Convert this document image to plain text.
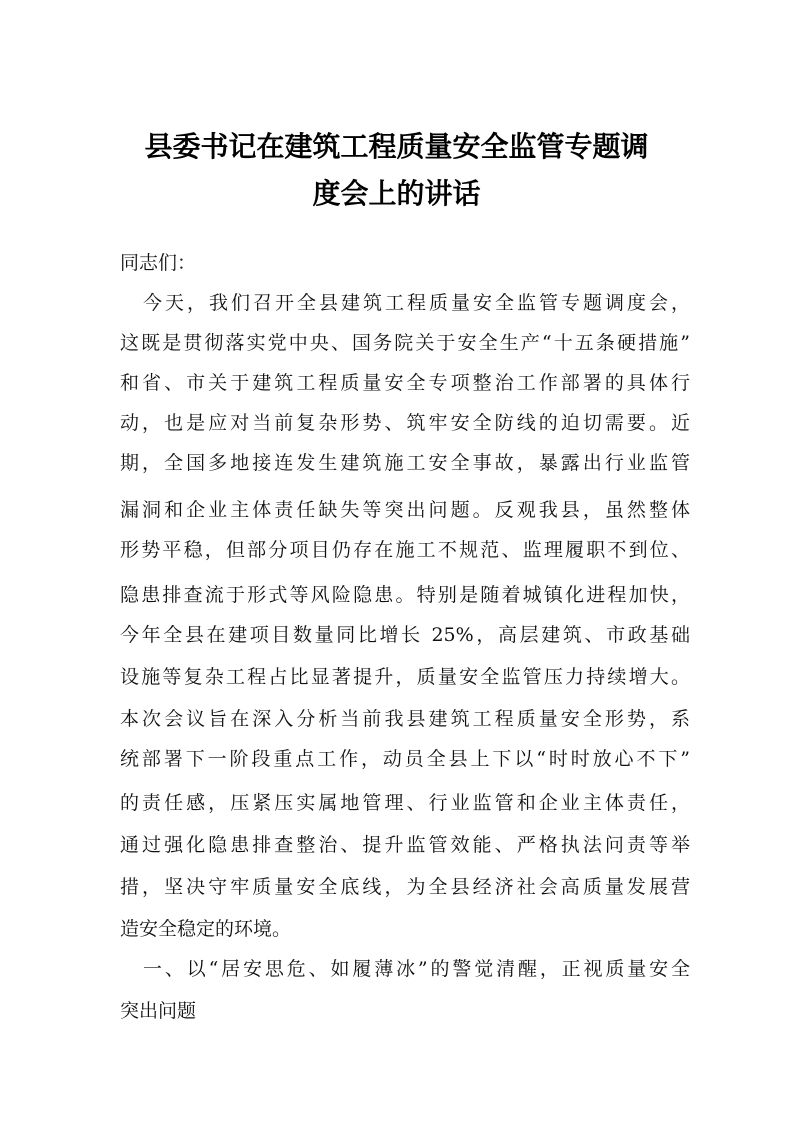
县委书记在建筑工程质量安全监管专题调
度会上的讲话
同志们：
今天，我们召开全县建筑工程质量安全监管专题调度会，
这既是贯彻落实党中央、国务院关于安全生产“十五条硬措施”
和省、市关于建筑工程质量安全专项整治工作部署的具体行
动，也是应对当前复杂形势、筑牢安全防线的迫切需要。近
期，全国多地接连发生建筑施工安全事故，暴露出行业监管
漏洞和企业主体责任缺失等突出问题。反观我县，虽然整体
形势平稳，但部分项目仍存在施工不规范、监理履职不到位、
隐患排查流于形式等风险隐患。特别是随着城镇化进程加快，
今年全县在建项目数量同比增长 25%，高层建筑、市政基础
设施等复杂工程占比显著提升，质量安全监管压力持续增大。
本次会议旨在深入分析当前我县建筑工程质量安全形势，系
统部署下一阶段重点工作，动员全县上下以“时时放心不下”
的责任感，压紧压实属地管理、行业监管和企业主体责任，
通过强化隐患排查整治、提升监管效能、严格执法问责等举
措，坚决守牢质量安全底线，为全县经济社会高质量发展营
造安全稳定的环境。
一、以“居安思危、如履薄冰”的警觉清醒，正视质量安全
突出问题
